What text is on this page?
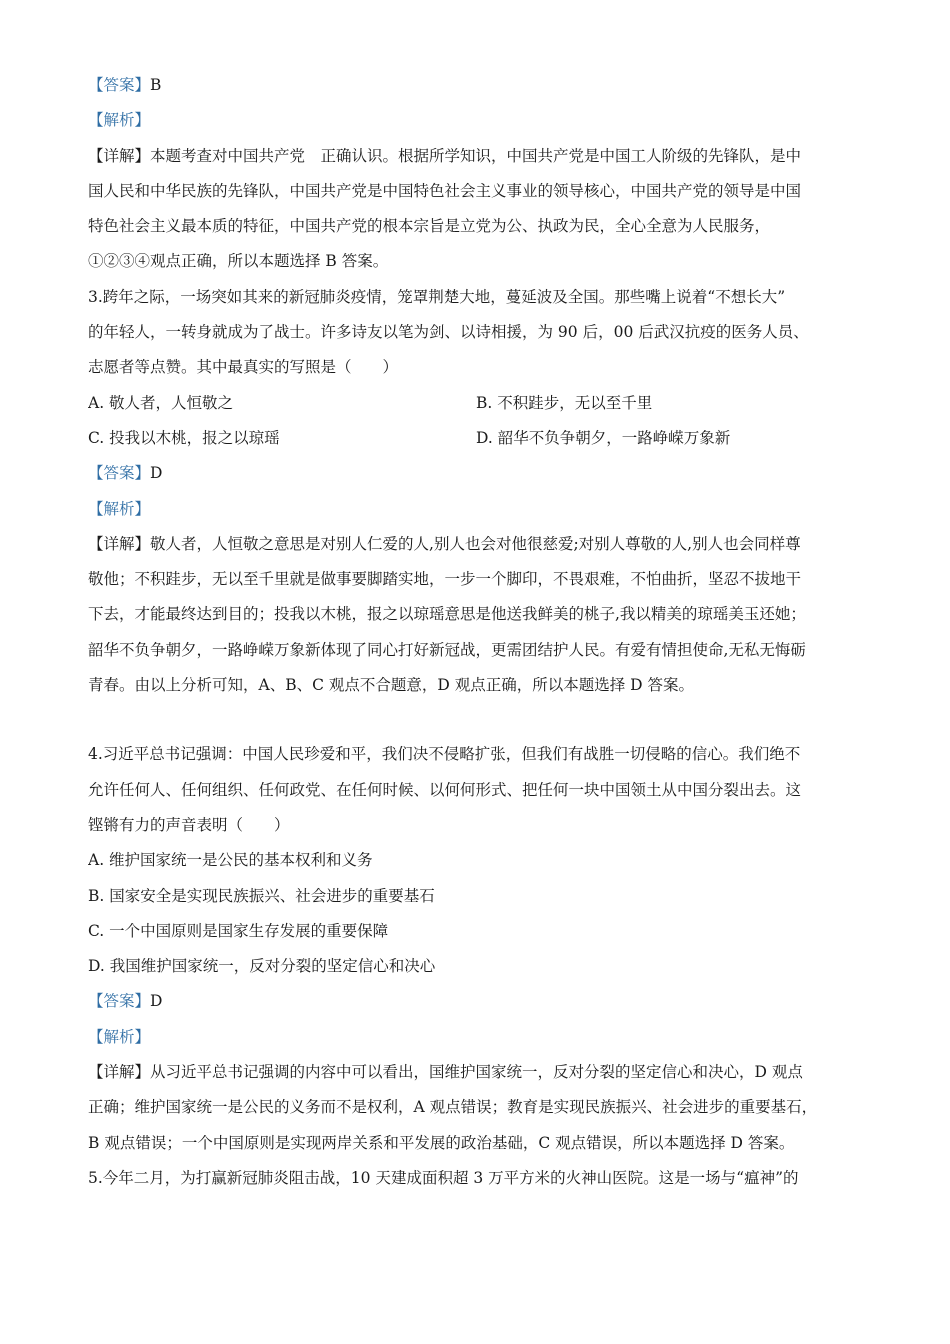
【答案】B
【解析】
【详解】本题考查对中国共产党　正确认识。根据所学知识，中国共产党是中国工人阶级的先锋队，是中
国人民和中华民族的先锋队，中国共产党是中国特色社会主义事业的领导核心，中国共产党的领导是中国
特色社会主义最本质的特征，中国共产党的根本宗旨是立党为公、执政为民，全心全意为人民服务，
①②③④观点正确，所以本题选择 B 答案。
3.跨年之际，一场突如其来的新冠肺炎疫情，笼罩荆楚大地，蔓延波及全国。那些嘴上说着“不想长大”
的年轻人，一转身就成为了战士。许多诗友以笔为剑、以诗相援，为 90 后，00 后武汉抗疫的医务人员、
志愿者等点赞。其中最真实的写照是（　　）
A. 敬人者，人恒敬之	B. 不积跬步，无以至千里
C. 投我以木桃，报之以琼瑶	D. 韶华不负争朝夕，一路峥嵘万象新
【答案】D
【解析】
【详解】敬人者，人恒敬之意思是对别人仁爱的人,别人也会对他很慈爱;对别人尊敬的人,别人也会同样尊
敬他；不积跬步，无以至千里就是做事要脚踏实地，一步一个脚印，不畏艰难，不怕曲折，坚忍不拔地干
下去，才能最终达到目的；投我以木桃，报之以琼瑶意思是他送我鲜美的桃子,我以精美的琼瑶美玉还她；
韶华不负争朝夕，一路峥嵘万象新体现了同心打好新冠战，更需团结护人民。有爱有情担使命,无私无悔砺
青春。由以上分析可知，A、B、C 观点不合题意，D 观点正确，所以本题选择 D 答案。
4.习近平总书记强调：中国人民珍爱和平，我们决不侵略扩张，但我们有战胜一切侵略的信心。我们绝不
允许任何人、任何组织、任何政党、在任何时候、以何何形式、把任何一块中国领土从中国分裂出去。这
铿锵有力的声音表明（　　）
A. 维护国家统一是公民的基本权利和义务
B. 国家安全是实现民族振兴、社会进步的重要基石
C. 一个中国原则是国家生存发展的重要保障
D. 我国维护国家统一，反对分裂的坚定信心和决心
【答案】D
【解析】
【详解】从习近平总书记强调的内容中可以看出，国维护国家统一，反对分裂的坚定信心和决心，D 观点
正确；维护国家统一是公民的义务而不是权利，A 观点错误；教育是实现民族振兴、社会进步的重要基石，
B 观点错误；一个中国原则是实现两岸关系和平发展的政治基础，C 观点错误，所以本题选择 D 答案。
5.今年二月，为打赢新冠肺炎阻击战，10 天建成面积超 3 万平方米的火神山医院。这是一场与“瘟神”的
